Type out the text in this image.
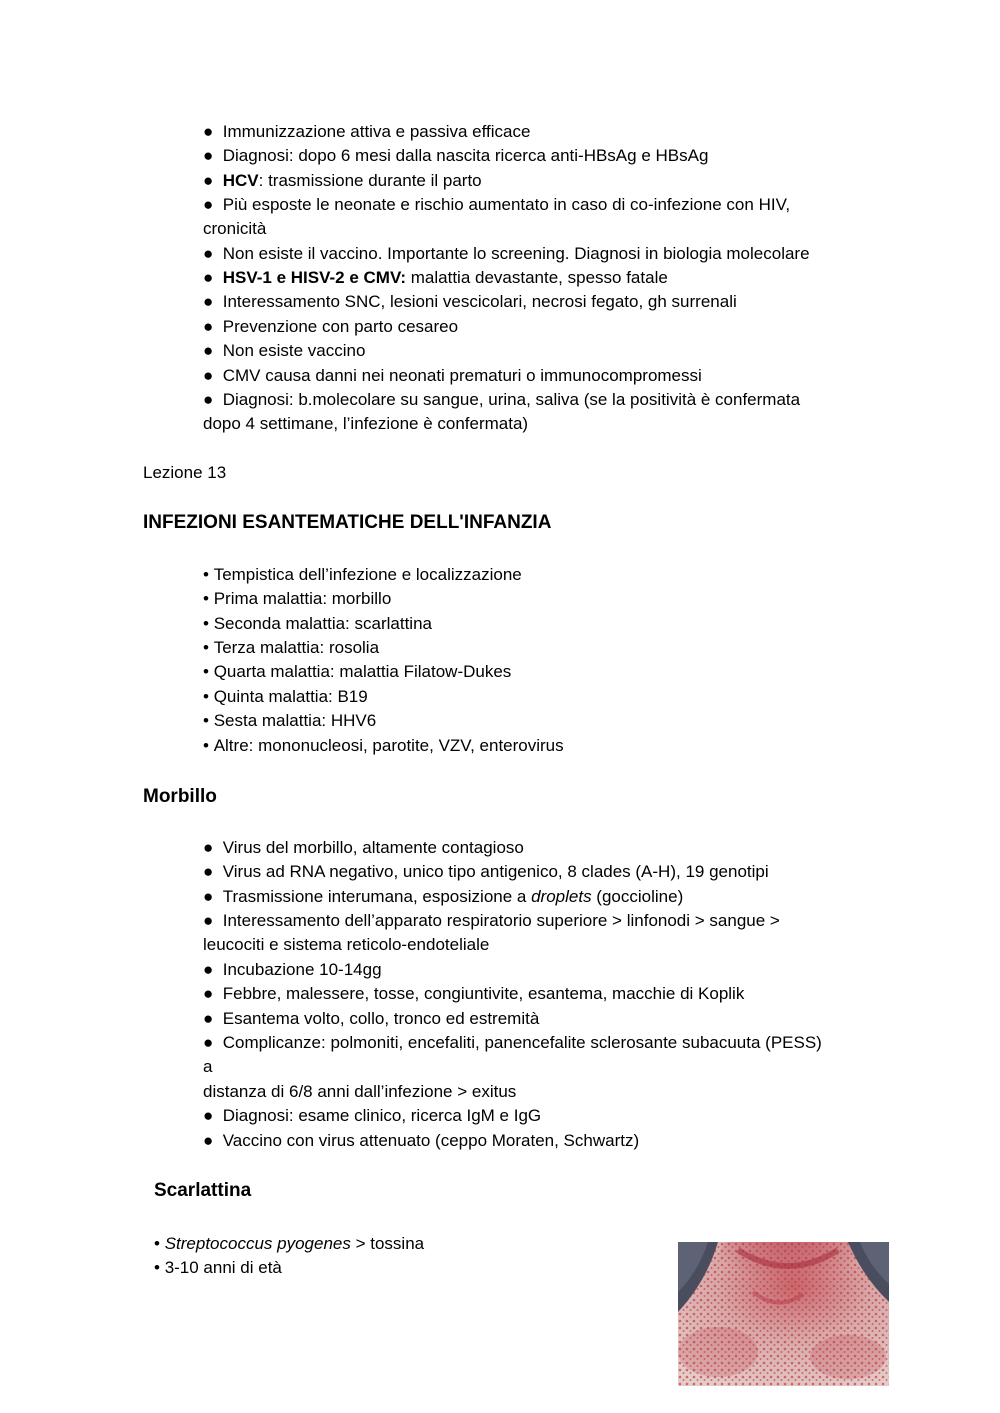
● Immunizzazione attiva e passiva efficace
● Diagnosi: dopo 6 mesi dalla nascita ricerca anti-HBsAg e HBsAg
● HCV: trasmissione durante il parto
● Più esposte le neonate e rischio aumentato in caso di co-infezione con HIV,
cronicità
● Non esiste il vaccino. Importante lo screening. Diagnosi in biologia molecolare
● HSV-1 e HISV-2 e CMV: malattia devastante, spesso fatale
● Interessamento SNC, lesioni vescicolari, necrosi fegato, gh surrenali
● Prevenzione con parto cesareo
● Non esiste vaccino
● CMV causa danni nei neonati prematuri o immunocompromessi
● Diagnosi: b.molecolare su sangue, urina, saliva (se la positività è confermata
dopo 4 settimane, l’infezione è confermata)
Lezione 13
INFEZIONI ESANTEMATICHE DELL'INFANZIA
• Tempistica dell’infezione e localizzazione
• Prima malattia: morbillo
• Seconda malattia: scarlattina
• Terza malattia: rosolia
• Quarta malattia: malattia Filatow-Dukes
• Quinta malattia: B19
• Sesta malattia: HHV6
• Altre: mononucleosi, parotite, VZV, enterovirus
Morbillo
● Virus del morbillo, altamente contagioso
● Virus ad RNA negativo, unico tipo antigenico, 8 clades (A-H), 19 genotipi
● Trasmissione interumana, esposizione a droplets (goccioline)
● Interessamento dell’apparato respiratorio superiore > linfonodi > sangue >
leucociti e sistema reticolo-endoteliale
● Incubazione 10-14gg
● Febbre, malessere, tosse, congiuntivite, esantema, macchie di Koplik
● Esantema volto, collo, tronco ed estremità
● Complicanze: polmoniti, encefaliti, panencefalite sclerosante subacuuta (PESS)
a
distanza di 6/8 anni dall’infezione > exitus
● Diagnosi: esame clinico, ricerca IgM e IgG
● Vaccino con virus attenuato (ceppo Moraten, Schwartz)
Scarlattina
• Streptococcus pyogenes > tossina
• 3-10 anni di età
